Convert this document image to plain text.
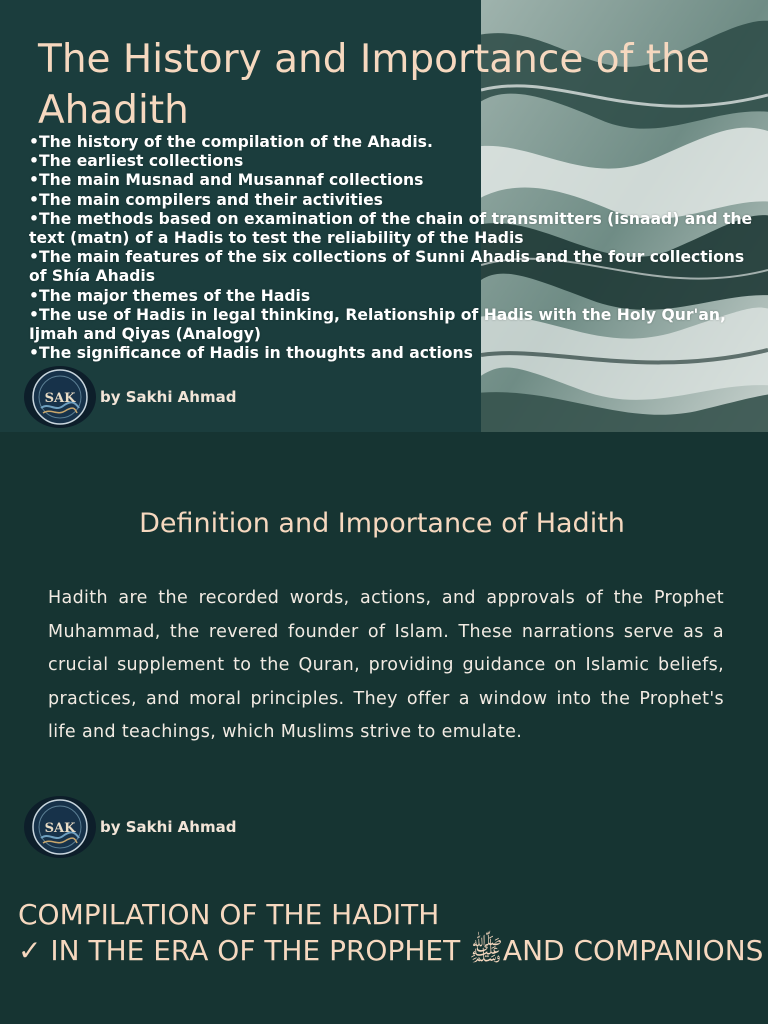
The History and Importance of the Ahadith
•The history of the compilation of the Ahadis.
•The earliest collections
•The main Musnad and Musannaf collections
•The main compilers and their activities
•The methods based on examination of the chain of transmitters (isnaad) and the text (matn) of a Hadis to test the reliability of the Hadis
•The main features of the six collections of Sunni Ahadis and the four collections of Shía Ahadis
•The major themes of the Hadis
•The use of Hadis in legal thinking, Relationship of Hadis with the Holy Qur'an, Ijmah and Qiyas (Analogy)
•The significance of Hadis in thoughts and actions
SAK by Sakhi Ahmad
Definition and Importance of Hadith

Hadith are the recorded words, actions, and approvals of the Prophet Muhammad, the revered founder of Islam. These narrations serve as a crucial supplement to the Quran, providing guidance on Islamic beliefs, practices, and moral principles. They offer a window into the Prophet's life and teachings, which Muslims strive to emulate.

SAK by Sakhi Ahmad
COMPILATION OF THE HADITH
✓ IN THE ERA OF THE PROPHET ﷺAND COMPANIONS
